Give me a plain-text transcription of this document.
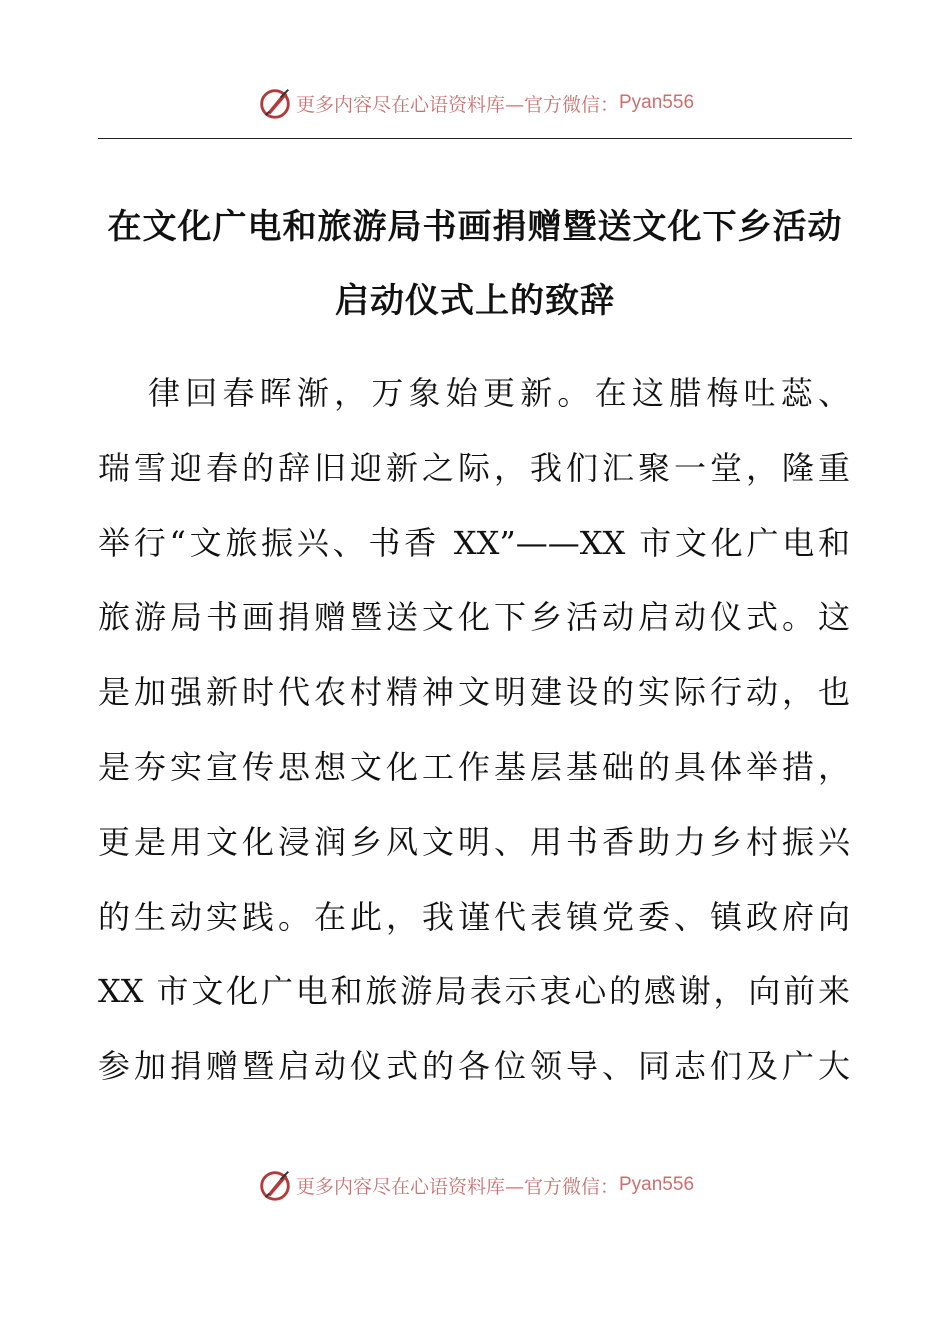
更多内容尽在心语资料库—官方微信： Pyan556
在文化广电和旅游局书画捐赠暨送文化下乡活动
启动仪式上的致辞
律回春晖渐，万象始更新。在这腊梅吐蕊、
瑞雪迎春的辞旧迎新之际，我们汇聚一堂，隆重
举行“文旅振兴、书香 XX”——XX 市文化广电和
旅游局书画捐赠暨送文化下乡活动启动仪式。这
是加强新时代农村精神文明建设的实际行动，也
是夯实宣传思想文化工作基层基础的具体举措，
更是用文化浸润乡风文明、用书香助力乡村振兴
的生动实践。在此，我谨代表镇党委、镇政府向
XX 市文化广电和旅游局表示衷心的感谢，向前来
参加捐赠暨启动仪式的各位领导、同志们及广大
更多内容尽在心语资料库—官方微信： Pyan556
